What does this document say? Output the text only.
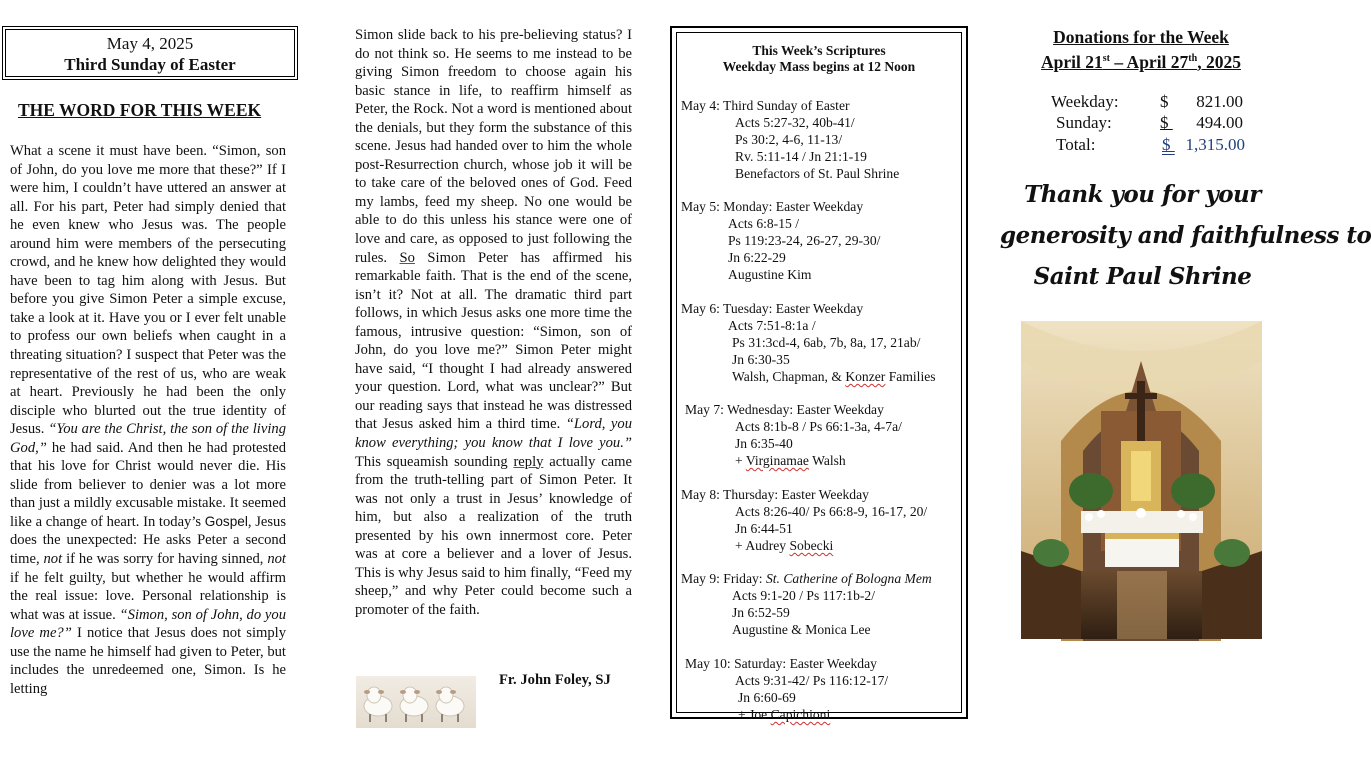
May 4, 2025
Third Sunday of Easter
THE WORD FOR THIS WEEK
What a scene it must have been. “Simon, son of John, do you love me more that these?” If I were him, I couldn’t have uttered an answer at all. For his part, Peter had simply denied that he even knew who Jesus was. The people around him were members of the persecuting crowd, and he knew how delighted they would have been to tag him along with Jesus. But before you give Simon Peter a simple excuse, take a look at it. Have you or I ever felt unable to profess our own beliefs when caught in a threating situation? I suspect that Peter was the representative of the rest of us, who are weak at heart. Previously he had been the only disciple who blurted out the true identity of Jesus. “You are the Christ, the son of the living God,” he had said. And then he had protested that his love for Christ would never die. His slide from believer to denier was a lot more than just a mildly excusable mistake. It seemed like a change of heart. In today’s Gospel, Jesus does the unexpected: He asks Peter a second time, not if he was sorry for having sinned, not if he felt guilty, but whether he would affirm the real issue: love. Personal relationship is what was at issue. “Simon, son of John, do you love me?” I notice that Jesus does not simply use the name he himself had given to Peter, but includes the unredeemed one, Simon. Is he letting
Simon slide back to his pre-believing status? I do not think so. He seems to me instead to be giving Simon freedom to choose again his basic stance in life, to reaffirm himself as Peter, the Rock. Not a word is mentioned about the denials, but they form the substance of this scene. Jesus had handed over to him the whole post-Resurrection church, whose job it will be to take care of the beloved ones of God. Feed my lambs, feed my sheep. No one would be able to do this unless his stance were one of love and care, as opposed to just following the rules. So Simon Peter has affirmed his remarkable faith. That is the end of the scene, isn’t it? Not at all. The dramatic third part follows, in which Jesus asks one more time the famous, intrusive question: “Simon, son of John, do you love me?” Simon Peter might have said, “I thought I had already answered your question. Lord, what was unclear?” But our reading says that instead he was distressed that Jesus asked him a third time. “Lord, you know everything; you know that I love you.” This squeamish sounding reply actually came from the truth-telling part of Simon Peter. It was not only a trust in Jesus’ knowledge of him, but also a realization of the truth presented by his own innermost core. Peter was at core a believer and a lover of Jesus. This is why Jesus said to him finally, “Feed my sheep,” and why Peter could become such a promoter of the faith.
Fr. John Foley, SJ
This Week’s Scriptures
Weekday Mass begins at 12 Noon
May 4: Third Sunday of Easter
Acts 5:27-32, 40b-41/
Ps 30:2, 4-6, 11-13/
Rv. 5:11-14 / Jn 21:1-19
Benefactors of St. Paul Shrine
May 5: Monday: Easter Weekday
Acts 6:8-15 /
Ps 119:23-24, 26-27, 29-30/
Jn 6:22-29
Augustine Kim
May 6: Tuesday: Easter Weekday
Acts 7:51-8:1a /
Ps 31:3cd-4, 6ab, 7b, 8a, 17, 21ab/
Jn 6:30-35
Walsh, Chapman, & Konzer Families
May 7: Wednesday: Easter Weekday
Acts 8:1b-8 / Ps 66:1-3a, 4-7a/
Jn 6:35-40
+ Virginamae Walsh
May 8: Thursday: Easter Weekday
Acts 8:26-40/ Ps 66:8-9, 16-17, 20/
Jn 6:44-51
+ Audrey Sobecki
May 9: Friday: St. Catherine of Bologna Mem
Acts 9:1-20 / Ps 117:1b-2/
Jn 6:52-59
Augustine & Monica Lee
May 10: Saturday: Easter Weekday
Acts 9:31-42/ Ps 116:12-17/
Jn 6:60-69
+ Joe Capichioni
Donations for the Week
April 21st – April 27th, 2025
Weekday: $ 821.00
Sunday:	$ 494.00

Total:	$ 1,315.00

Thank you for your
generosity and faithfulness to
Saint Paul Shrine
